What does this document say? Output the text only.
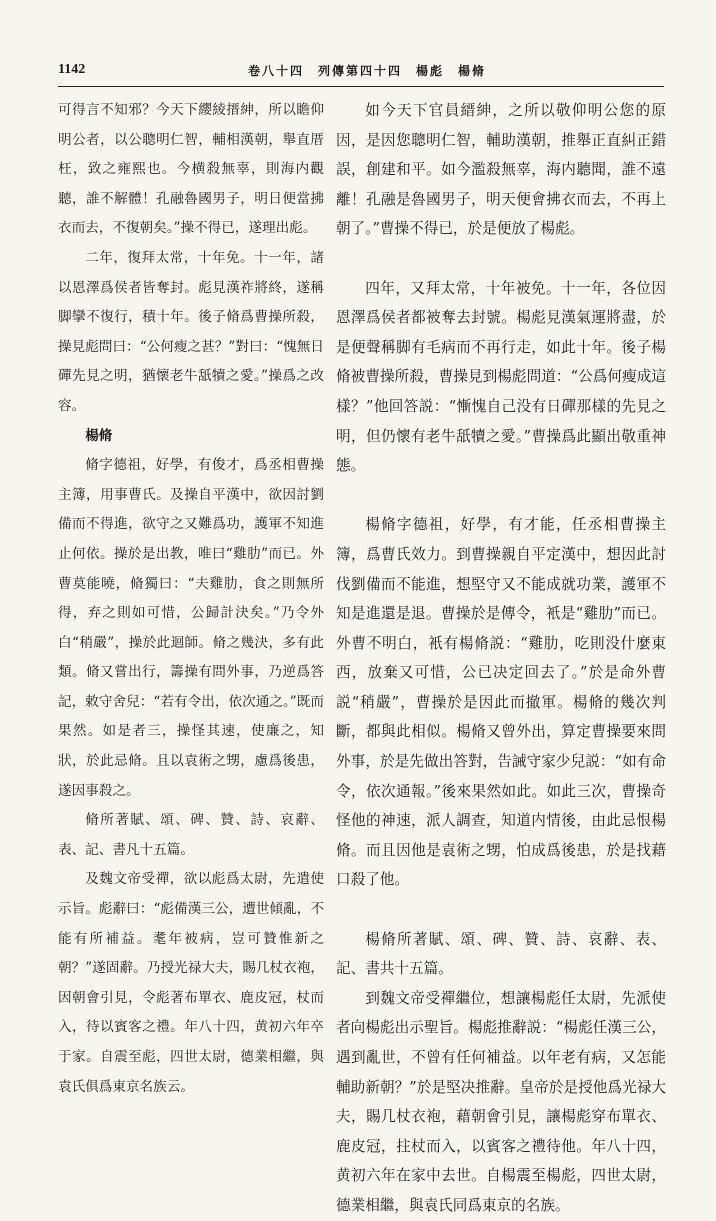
1142	卷八十四　列傳第四十四　楊彪　楊脩

可得言不知邪？今天下纓綾搢紳，所以瞻仰明公者，以公聰明仁智，輔相漢朝，舉直厝枉，致之雍熙也。今横殺無辜，則海内觀聽，誰不解體！孔融魯國男子，明日便當拂衣而去，不復朝矣。”操不得已，遂理出彪。

二年，復拜太常，十年免。十一年，諸以恩澤爲侯者皆奪封。彪見漢祚將終，遂稱脚攣不復行，積十年。後子脩爲曹操所殺，操見彪問曰：“公何瘦之甚？”對曰：“愧無日磾先見之明，猶懷老牛舐犢之愛。”操爲之改容。

楊脩

脩字德祖，好學，有俊才，爲丞相曹操主簿，用事曹氏。及操自平漢中，欲因討劉備而不得進，欲守之又難爲功，護軍不知進止何依。操於是出教，唯曰“雞肋”而已。外曹莫能曉，脩獨曰：“夫雞肋，食之則無所得，弃之則如可惜，公歸計決矣。”乃令外白“稍嚴”，操於此迴師。脩之幾決，多有此類。脩又嘗出行，籌操有問外事，乃逆爲答記，敕守舍兒：“若有令出，依次通之。”既而果然。如是者三，操怪其速，使廉之，知狀，於此忌脩。且以袁術之甥，慮爲後患，遂因事殺之。

脩所著賦、頌、碑、贊、詩、哀辭、表、記、書凡十五篇。

及魏文帝受禪，欲以彪爲太尉，先遣使示旨。彪辭曰：“彪備漢三公，遭世傾亂，不能有所補益。耄年被病，豈可贊惟新之朝？”遂固辭。乃授光禄大夫，賜几杖衣袍，因朝會引見，令彪著布單衣、鹿皮冠，杖而入，待以賓客之禮。年八十四，黄初六年卒于家。自震至彪，四世太尉，德業相繼，與袁氏俱爲東京名族云。

如今天下官員縉紳，之所以敬仰明公您的原因，是因您聰明仁智，輔助漢朝，推舉正直糾正錯誤，創建和平。如今濫殺無辜，海内聽聞，誰不遠離！孔融是魯國男子，明天便會拂衣而去，不再上朝了。”曹操不得已，於是便放了楊彪。

四年，又拜太常，十年被免。十一年，各位因恩澤爲侯者都被奪去封號。楊彪見漢氣運將盡，於是便聲稱脚有毛病而不再行走，如此十年。後子楊脩被曹操所殺，曹操見到楊彪問道：“公爲何瘦成這樣？”他回答説：“慚愧自己没有日磾那樣的先見之明，但仍懷有老牛舐犢之愛。”曹操爲此顯出敬重神態。

楊脩字德祖，好學，有才能，任丞相曹操主簿，爲曹氏效力。到曹操親自平定漢中，想因此討伐劉備而不能進，想堅守又不能成就功業，護軍不知是進還是退。曹操於是傳令，衹是“雞肋”而已。外曹不明白，衹有楊脩説：“雞肋，吃則没什麼東西，放棄又可惜，公已决定回去了。”於是命外曹説“稍嚴”，曹操於是因此而撤軍。楊脩的幾次判斷，都與此相似。楊脩又曾外出，算定曹操要來問外事，於是先做出答對，告誡守家少兒説：“如有命令，依次通報。”後來果然如此。如此三次，曹操奇怪他的神速，派人調查，知道内情後，由此忌恨楊脩。而且因他是袁術之甥，怕成爲後患，於是找藉口殺了他。

楊脩所著賦、頌、碑、贊、詩、哀辭、表、記、書共十五篇。

到魏文帝受禪繼位，想讓楊彪任太尉，先派使者向楊彪出示聖旨。楊彪推辭説：“楊彪任漢三公，遇到亂世，不曾有任何補益。以年老有病，又怎能輔助新朝？”於是堅决推辭。皇帝於是授他爲光禄大夫，賜几杖衣袍，藉朝會引見，讓楊彪穿布單衣、鹿皮冠，拄杖而入，以賓客之禮待他。年八十四，黄初六年在家中去世。自楊震至楊彪，四世太尉，德業相繼，與袁氏同爲東京的名族。
